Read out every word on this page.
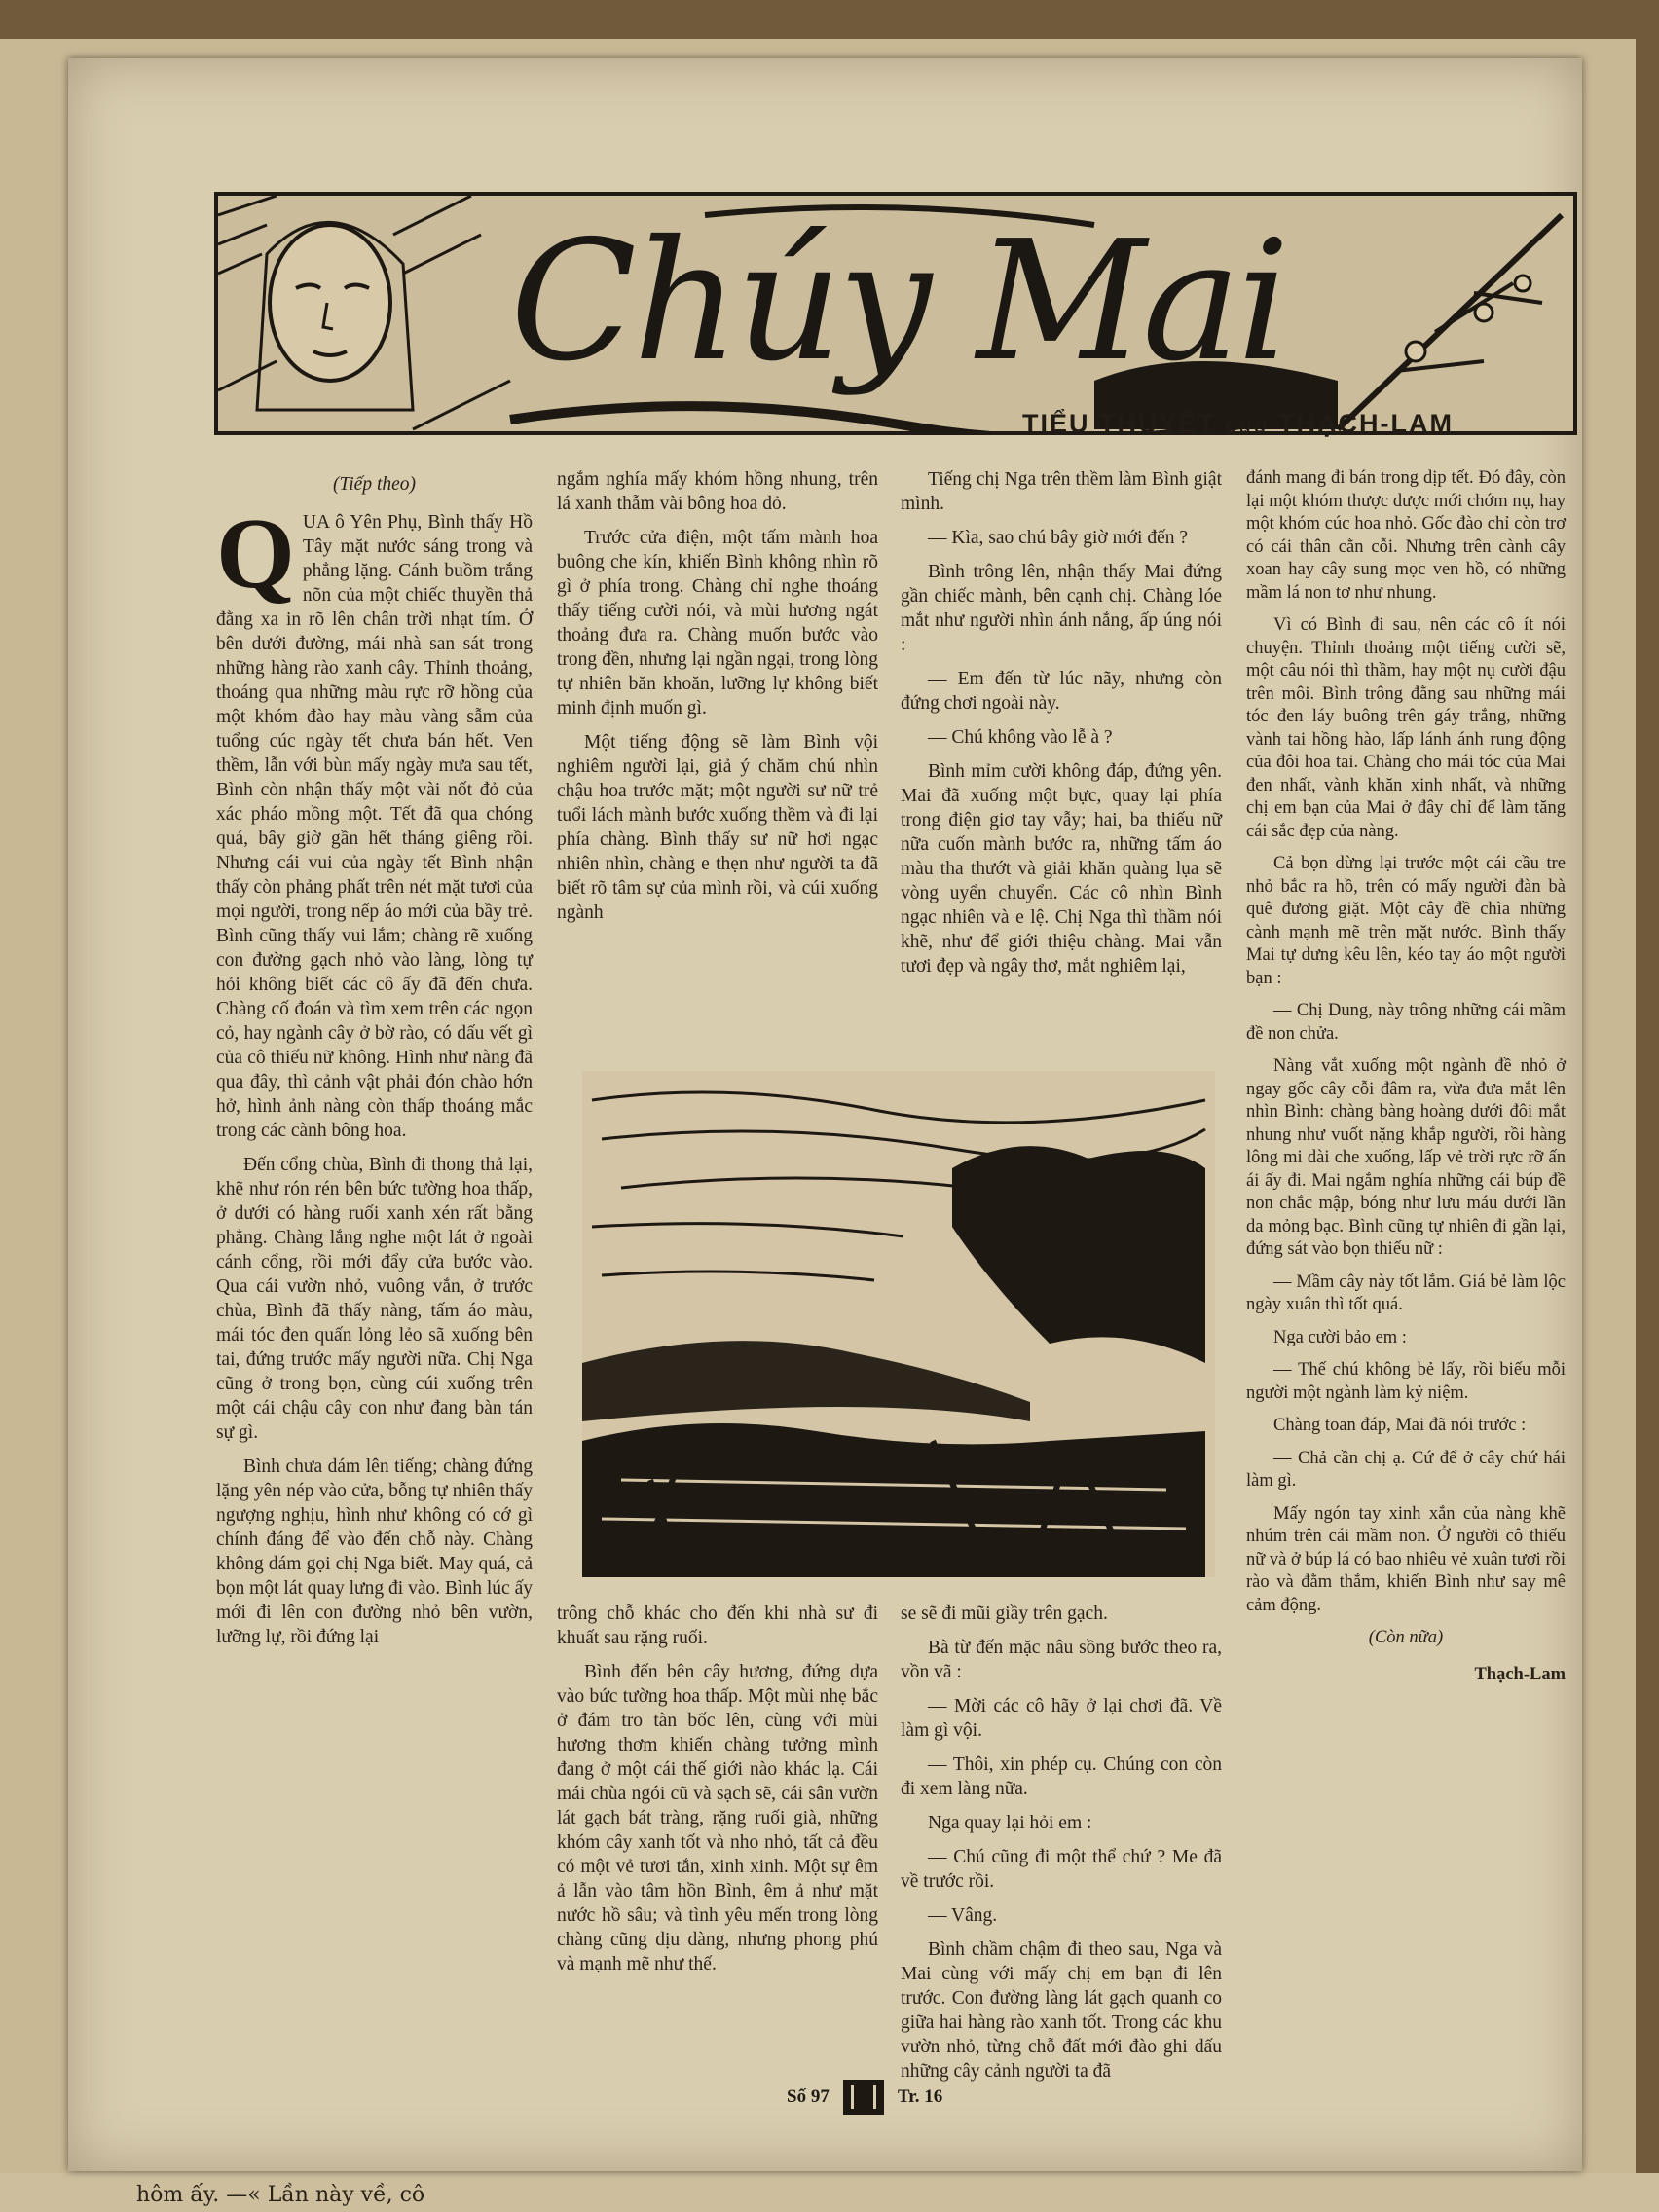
hôm ấy. —« Lần này về, cô
Chúy Mai
TIỂU THUYẾT của THẠCH-LAM
(Tiếp theo)

QUA ô Yên Phụ, Bình thấy Hồ Tây mặt nước sáng trong và phẳng lặng. Cánh buồm trắng nõn của một chiếc thuyền thả đằng xa in rõ lên chân trời nhạt tím. Ở bên dưới đường, mái nhà san sát trong những hàng rào xanh cây. Thỉnh thoảng, thoáng qua những màu rực rỡ hồng của một khóm đào hay màu vàng sẫm của tuổng cúc ngày tết chưa bán hết. Ven thềm, lẫn với bùn mấy ngày mưa sau tết, Bình còn nhận thấy một vài nốt đỏ của xác pháo mồng một. Tết đã qua chóng quá, bây giờ gần hết tháng giêng rồi. Nhưng cái vui của ngày tết Bình nhận thấy còn phảng phất trên nét mặt tươi của mọi người, trong nếp áo mới của bầy trẻ. Bình cũng thấy vui lắm; chàng rẽ xuống con đường gạch nhỏ vào làng, lòng tự hỏi không biết các cô ấy đã đến chưa. Chàng cố đoán và tìm xem trên các ngọn cỏ, hay ngành cây ở bờ rào, có dấu vết gì của cô thiếu nữ không. Hình như nàng đã qua đây, thì cảnh vật phải đón chào hớn hở, hình ảnh nàng còn thấp thoáng mắc trong các cành bông hoa.

Đến cổng chùa, Bình đi thong thả lại, khẽ như rón rén bên bức tường hoa thấp, ở dưới có hàng ruối xanh xén rất bằng phẳng. Chàng lắng nghe một lát ở ngoài cánh cổng, rồi mới đẩy cửa bước vào. Qua cái vườn nhỏ, vuông vắn, ở trước chùa, Bình đã thấy nàng, tấm áo màu, mái tóc đen quấn lỏng lẻo sã xuống bên tai, đứng trước mấy người nữa. Chị Nga cũng ở trong bọn, cùng cúi xuống trên một cái chậu cây con như đang bàn tán sự gì.

Bình chưa dám lên tiếng; chàng đứng lặng yên nép vào cửa, bỗng tự nhiên thấy ngượng nghịu, hình như không có cớ gì chính đáng để vào đến chỗ này. Chàng không dám gọi chị Nga biết. May quá, cả bọn một lát quay lưng đi vào. Bình lúc ấy mới đi lên con đường nhỏ bên vườn, lưỡng lự, rồi đứng lại

ngắm nghía mấy khóm hồng nhung, trên lá xanh thẫm vài bông hoa đỏ.

Trước cửa điện, một tấm mành hoa buông che kín, khiến Bình không nhìn rõ gì ở phía trong. Chàng chỉ nghe thoáng thấy tiếng cười nói, và mùi hương ngát thoảng đưa ra. Chàng muốn bước vào trong đền, nhưng lại ngần ngại, trong lòng tự nhiên băn khoăn, lưỡng lự không biết minh định muốn gì.

Một tiếng động sẽ làm Bình vội nghiêm người lại, giả ý chăm chú nhìn chậu hoa trước mặt; một người sư nữ trẻ tuổi lách mành bước xuống thềm và đi lại phía chàng. Bình thấy sư nữ hơi ngạc nhiên nhìn, chàng e thẹn như người ta đã biết rõ tâm sự của mình rồi, và cúi xuống ngành

Tiếng chị Nga trên thềm làm Bình giật mình.

— Kìa, sao chú bây giờ mới đến ?

Bình trông lên, nhận thấy Mai đứng gần chiếc mành, bên cạnh chị. Chàng lóe mắt như người nhìn ánh nắng, ấp úng nói :

— Em đến từ lúc nãy, nhưng còn đứng chơi ngoài này.

— Chú không vào lễ à ?

Bình mỉm cười không đáp, đứng yên. Mai đã xuống một bực, quay lại phía trong điện giơ tay vẫy; hai, ba thiếu nữ nữa cuốn mành bước ra, những tấm áo màu tha thướt và giải khăn quàng lụa sẽ vòng uyển chuyển. Các cô nhìn Bình ngạc nhiên và e lệ. Chị Nga thì thầm nói khẽ, như để giới thiệu chàng. Mai vẫn tươi đẹp và ngây thơ, mắt nghiêm lại,

trông chỗ khác cho đến khi nhà sư đi khuất sau rặng ruối.

Bình đến bên cây hương, đứng dựa vào bức tường hoa thấp. Một mùi nhẹ bắc ở đám tro tàn bốc lên, cùng với mùi hương thơm khiến chàng tưởng mình đang ở một cái thế giới nào khác lạ. Cái mái chùa ngói cũ và sạch sẽ, cái sân vườn lát gạch bát tràng, rặng ruối già, những khóm cây xanh tốt và nho nhỏ, tất cả đều có một vẻ tươi tắn, xinh xinh. Một sự êm ả lẫn vào tâm hồn Bình, êm ả như mặt nước hồ sâu; và tình yêu mến trong lòng chàng cũng dịu dàng, nhưng phong phú và mạnh mẽ như thế.

se sẽ đi mũi giầy trên gạch.

Bà từ đến mặc nâu sồng bước theo ra, vồn vã :

— Mời các cô hãy ở lại chơi đã. Về làm gì vội.

— Thôi, xin phép cụ. Chúng con còn đi xem làng nữa.

Nga quay lại hỏi em :

— Chú cũng đi một thể chứ ? Me đã về trước rồi.

— Vâng.

Bình chầm chậm đi theo sau, Nga và Mai cùng với mấy chị em bạn đi lên trước. Con đường làng lát gạch quanh co giữa hai hàng rào xanh tốt. Trong các khu vườn nhỏ, từng chỗ đất mới đào ghi dấu những cây cảnh người ta đã

đánh mang đi bán trong dịp tết. Đó đây, còn lại một khóm thược dược mới chớm nụ, hay một khóm cúc hoa nhỏ. Gốc đào chỉ còn trơ có cái thân cằn cỗi. Nhưng trên cành cây xoan hay cây sung mọc ven hồ, có những mầm lá non tơ như nhung.

Vì có Bình đi sau, nên các cô ít nói chuyện. Thỉnh thoảng một tiếng cười sẽ, một câu nói thì thầm, hay một nụ cười đậu trên môi. Bình trông đằng sau những mái tóc đen láy buông trên gáy trắng, những vành tai hồng hào, lấp lánh ánh rung động của đôi hoa tai. Chàng cho mái tóc của Mai đen nhất, vành khăn xinh nhất, và những chị em bạn của Mai ở đây chỉ để làm tăng cái sắc đẹp của nàng.

Cả bọn dừng lại trước một cái cầu tre nhỏ bắc ra hồ, trên có mấy người đàn bà quê đương giặt. Một cây đề chìa những cành mạnh mẽ trên mặt nước. Bình thấy Mai tự dưng kêu lên, kéo tay áo một người bạn :

— Chị Dung, này trông những cái mầm đề non chửa.

Nàng vắt xuống một ngành đề nhỏ ở ngay gốc cây cỗi đâm ra, vừa đưa mắt lên nhìn Bình: chàng bàng hoàng dưới đôi mắt nhung như vuốt nặng khắp người, rồi hàng lông mi dài che xuống, lấp vẻ trời rực rỡ ấn ái ấy đi. Mai ngắm nghía những cái búp đề non chắc mập, bóng như lưu máu dưới lần da mỏng bạc. Bình cũng tự nhiên đi gần lại, đứng sát vào bọn thiếu nữ :

— Mầm cây này tốt lắm. Giá bẻ làm lộc ngày xuân thì tốt quá.

Nga cười bảo em :

— Thế chú không bẻ lấy, rồi biếu mỗi người một ngành làm kỷ niệm.

Chàng toan đáp, Mai đã nói trước :

— Chả cần chị ạ. Cứ để ở cây chứ hái làm gì.

Mấy ngón tay xinh xắn của nàng khẽ nhúm trên cái mầm non. Ở người cô thiếu nữ và ở búp lá có bao nhiêu vẻ xuân tươi rồi rào và đằm thắm, khiến Bình như say mê cảm động.

(Còn nữa)
Thạch-Lam
Số 97	Tr. 16
